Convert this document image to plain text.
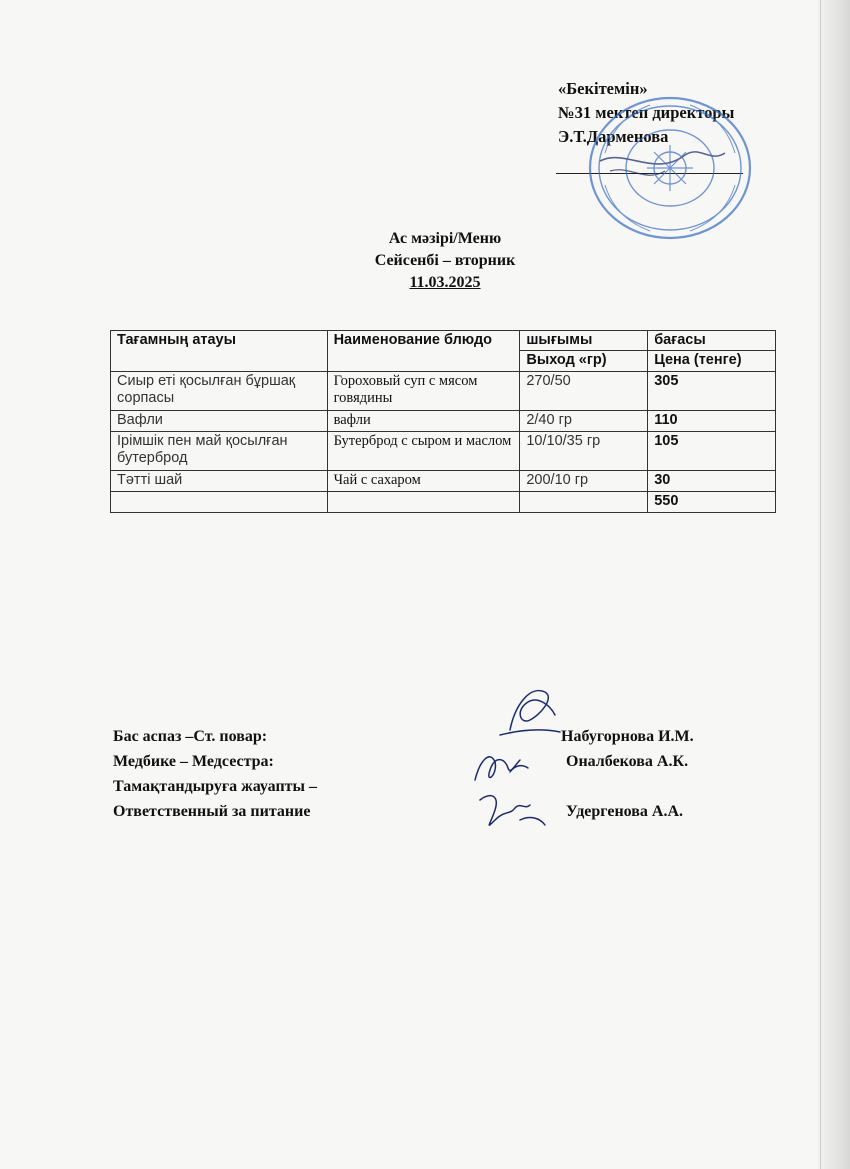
«Бекітемін»
№31 мектеп директоры
Э.Т.Дарменова
Ас мәзірі/Меню
Сейсенбі – вторник
11.03.2025
Тағамның атауы	Наименование блюдо	шығымы	бағасы
		Выход «гр)	Цена (тенге)
Сиыр еті қосылған бұршақ сорпасы	Гороховый суп с мясом говядины	270/50	305
Вафли	вафли	2/40 гр	110
Ірімшік пен май қосылған бутерброд	Бутерброд с сыром и маслом	10/10/35 гр	105
Тәтті шай	Чай с сахаром	200/10 гр	30
			550
Бас аспаз –Ст. повар:
Медбике – Медсестра:
Тамақтандыруға жауапты –
Ответственный за питание
Набугорнова И.М.
Оналбекова А.К.
Удергенова А.А.
